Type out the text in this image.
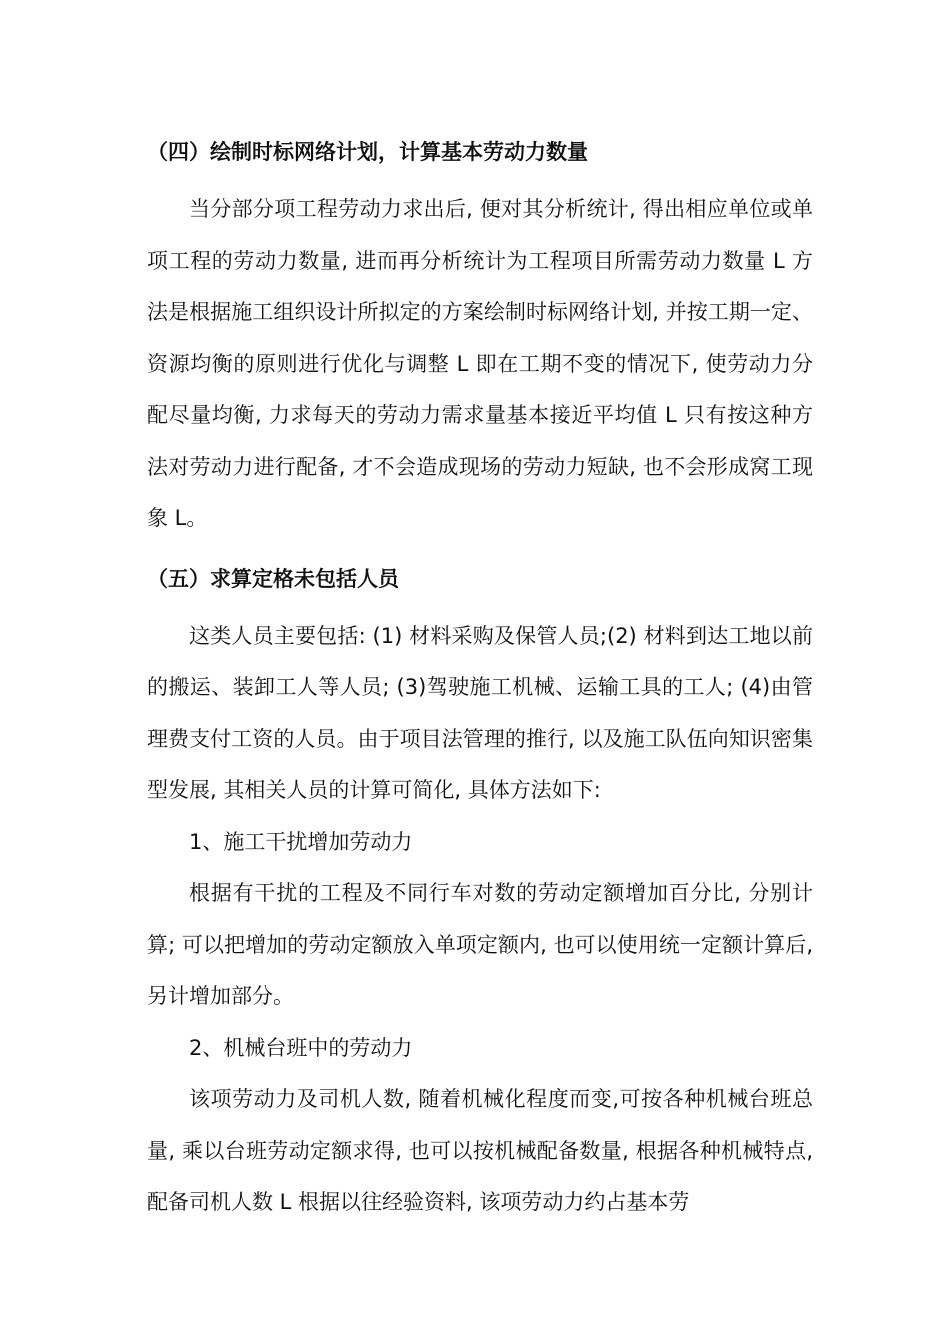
（四）绘制时标网络计划，计算基本劳动力数量

当分部分项工程劳动力求出后, 便对其分析统计, 得出相应单位或单项工程的劳动力数量, 进而再分析统计为工程项目所需劳动力数量 L 方法是根据施工组织设计所拟定的方案绘制时标网络计划, 并按工期一定、资源均衡的原则进行优化与调整 L 即在工期不变的情况下, 使劳动力分配尽量均衡, 力求每天的劳动力需求量基本接近平均值 L 只有按这种方法对劳动力进行配备, 才不会造成现场的劳动力短缺, 也不会形成窝工现象 L。

（五）求算定格未包括人员

这类人员主要包括: (1) 材料采购及保管人员;(2) 材料到达工地以前的搬运、装卸工人等人员; (3)驾驶施工机械、运输工具的工人; (4)由管理费支付工资的人员。由于项目法管理的推行, 以及施工队伍向知识密集型发展, 其相关人员的计算可简化, 具体方法如下:

1、施工干扰增加劳动力

根据有干扰的工程及不同行车对数的劳动定额增加百分比, 分别计算; 可以把增加的劳动定额放入单项定额内, 也可以使用统一定额计算后, 另计增加部分。

2、机械台班中的劳动力

该项劳动力及司机人数, 随着机械化程度而变,可按各种机械台班总量, 乘以台班劳动定额求得, 也可以按机械配备数量, 根据各种机械特点, 配备司机人数 L 根据以往经验资料, 该项劳动力约占基本劳
